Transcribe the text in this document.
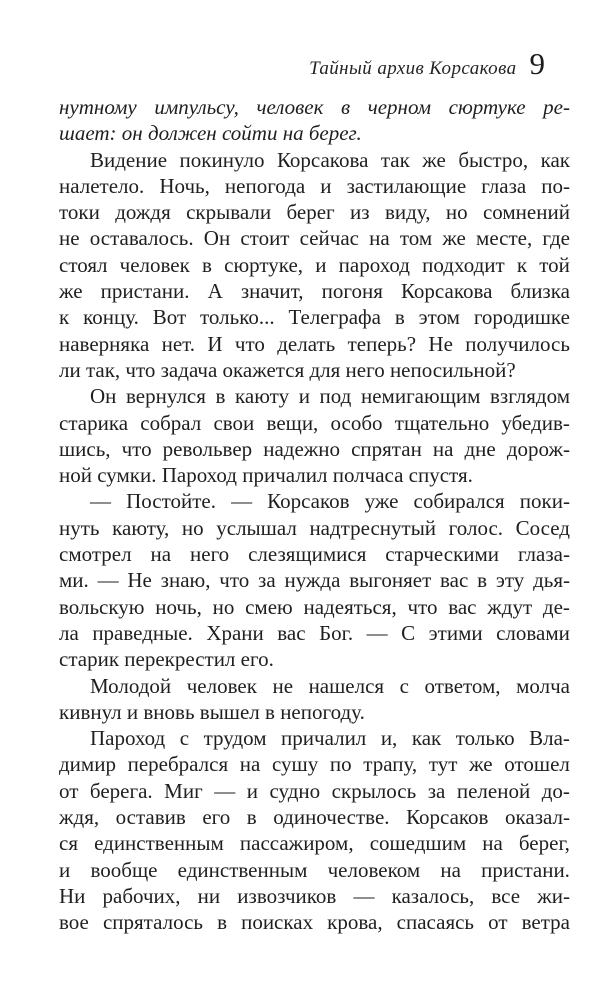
Тайный архив Корсакова 9
нутному импульсу, человек в черном сюртуке ре-
шает: он должен сойти на берег.
Видение покинуло Корсакова так же быстро, как
налетело. Ночь, непогода и застилающие глаза по-
токи дождя скрывали берег из виду, но сомнений
не оставалось. Он стоит сейчас на том же месте, где
стоял человек в сюртуке, и пароход подходит к той
же пристани. А значит, погоня Корсакова близка
к концу. Вот только... Телеграфа в этом городишке
наверняка нет. И что делать теперь? Не получилось
ли так, что задача окажется для него непосильной?
Он вернулся в каюту и под немигающим взглядом
старика собрал свои вещи, особо тщательно убедив-
шись, что револьвер надежно спрятан на дне дорож-
ной сумки. Пароход причалил полчаса спустя.
— Постойте. — Корсаков уже собирался поки-
нуть каюту, но услышал надтреснутый голос. Сосед
смотрел на него слезящимися старческими глаза-
ми. — Не знаю, что за нужда выгоняет вас в эту дья-
вольскую ночь, но смею надеяться, что вас ждут де-
ла праведные. Храни вас Бог. — С этими словами
старик перекрестил его.
Молодой человек не нашелся с ответом, молча
кивнул и вновь вышел в непогоду.
Пароход с трудом причалил и, как только Вла-
димир перебрался на сушу по трапу, тут же отошел
от берега. Миг — и судно скрылось за пеленой до-
ждя, оставив его в одиночестве. Корсаков оказал-
ся единственным пассажиром, сошедшим на берег,
и вообще единственным человеком на пристани.
Ни рабочих, ни извозчиков — казалось, все жи-
вое спряталось в поисках крова, спасаясь от ветра
